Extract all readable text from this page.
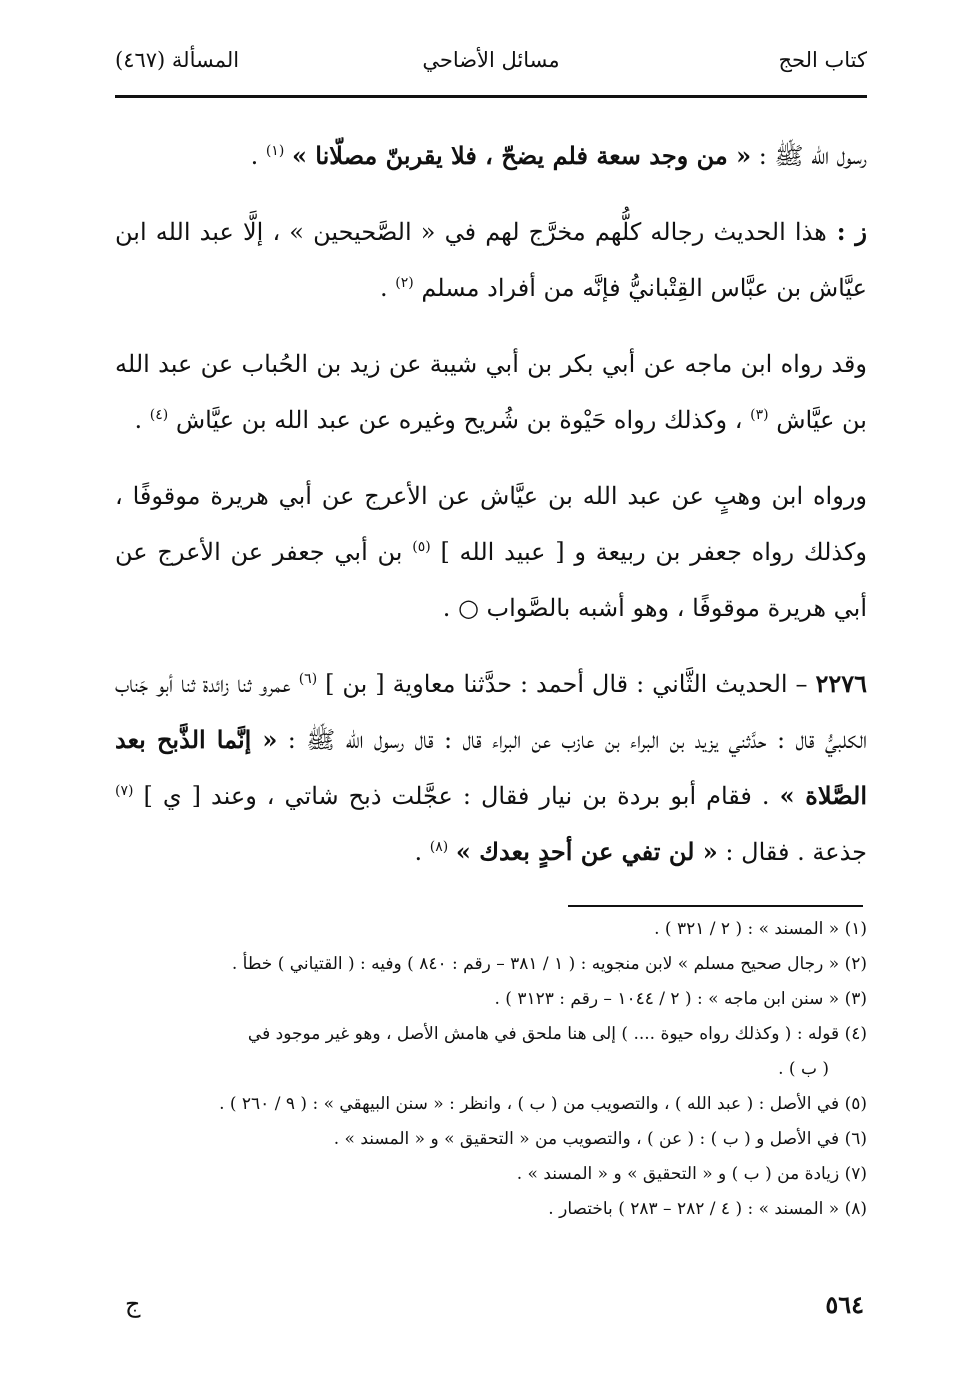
كتاب الحج
مسائل الأضاحي
المسألة (٤٦٧)

رسول الله ﷺ : « من وجد سعة فلم يضحّ ، فلا يقربنّ مصلّانا » $^{(١)}$ .

ز : هذا الحديث رجاله كلُّهم مخرَّج لهم في « الصَّحيحين » ، إلَّا عبد الله ابن عيَّاش بن عبَّاس القِتْبانيُّ فإنَّه من أفراد مسلم $^{(٢)}$ .

وقد رواه ابن ماجه عن أبي بكر بن أبي شيبة عن زيد بن الحُباب عن عبد الله بن عيَّاش $^{(٣)}$ ، وكذلك رواه حَيْوة بن شُريح وغيره عن عبد الله بن عيَّاش $^{(٤)}$ .

ورواه ابن وهبٍ عن عبد الله بن عيَّاش عن الأعرج عن أبي هريرة موقوفًا ، وكذلك رواه جعفر بن ربيعة و [ عبيد الله ] $^{(٥)}$ بن أبي جعفر عن الأعرج عن أبي هريرة موقوفًا ، وهو أشبه بالصَّواب ○ .

٢٢٧٦ – الحديث الثَّاني : قال أحمد : حدَّثنا معاوية [ بن ] $^{(٦)}$ عمرو ثنا زائدة ثنا أبو جَناب الكلبيُّ قال : حدَّثني يزيد بن البراء بن عازب عن البراء قال : قال رسول الله ﷺ : « إنَّما الذَّبح بعد الصَّلاة » . فقام أبو بردة بن نيار فقال : عجَّلت ذبح شاتي ، وعند [ ي ] $^{(٧)}$ جذعة . فقال : « لن تفي عن أحدٍ بعدك » $^{(٨)}$ .

(١) « المسند » : ( ٢ / ٣٢١ ) .

(٢) « رجال صحيح مسلم » لابن منجويه : ( ١ / ٣٨١ – رقم : ٨٤٠ ) وفيه : ( القتياني ) خطأ .

(٣) « سنن ابن ماجه » : ( ٢ / ١٠٤٤ – رقم : ٣١٢٣ ) .

(٤) قوله : ( وكذلك رواه حيوة .... ) إلى هنا ملحق في هامش الأصل ، وهو غير موجود في

( ب ) .

(٥) في الأصل : ( عبد الله ) ، والتصويب من ( ب ) ، وانظر : « سنن البيهقي » : ( ٩ / ٢٦٠ ) .

(٦) في الأصل و ( ب ) : ( عن ) ، والتصويب من « التحقيق » و « المسند » .

(٧) زيادة من ( ب ) و « التحقيق » و « المسند » .

(٨) « المسند » : ( ٤ / ٢٨٢ – ٢٨٣ ) باختصار .

٥٦٤
ج
